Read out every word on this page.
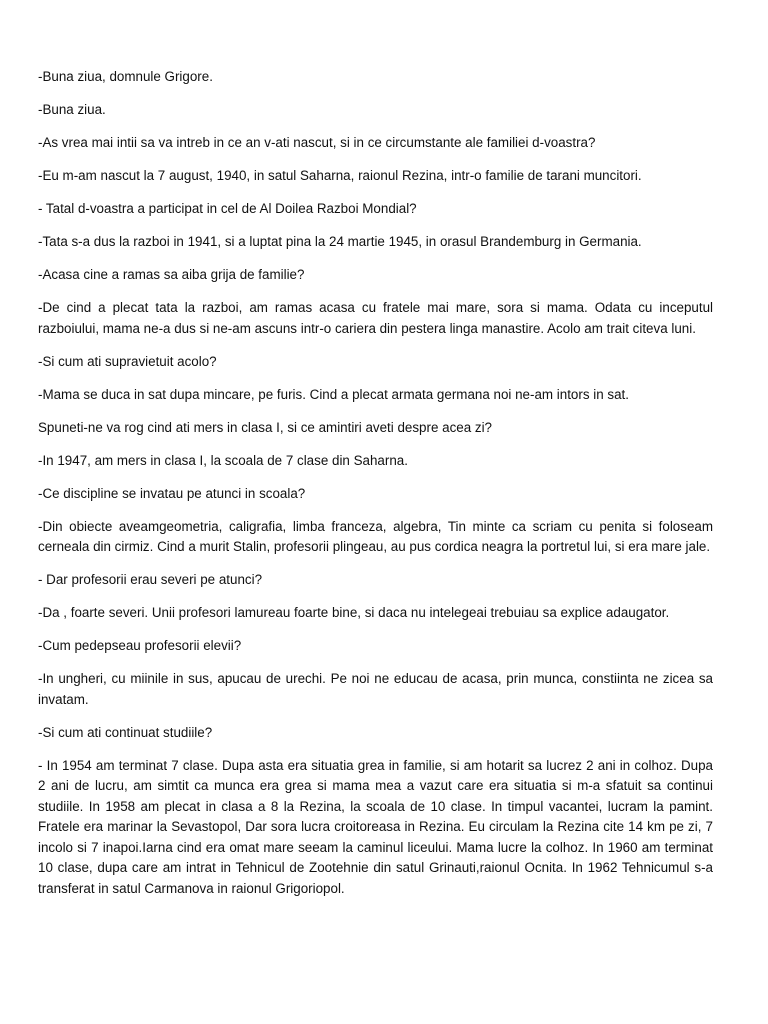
-Buna ziua, domnule Grigore.

-Buna ziua.

-As vrea mai intii sa va intreb in ce an v-ati nascut, si in ce circumstante ale familiei d-voastra?

-Eu m-am nascut la 7 august, 1940, in satul Saharna, raionul Rezina, intr-o familie de tarani muncitori.

- Tatal d-voastra a participat in cel de Al Doilea Razboi Mondial?

-Tata s-a dus la razboi in 1941, si a luptat pina la 24 martie 1945, in orasul Brandemburg in Germania.

-Acasa cine a ramas sa aiba grija de familie?

-De cind a plecat tata la razboi, am ramas acasa cu fratele mai mare, sora si mama. Odata cu inceputul razboiului, mama ne-a dus si ne-am ascuns intr-o cariera din pestera linga manastire. Acolo am trait citeva luni.

-Si cum ati supravietuit acolo?

-Mama se duca in sat dupa mincare, pe furis. Cind a plecat armata germana noi ne-am intors in sat.

Spuneti-ne va rog cind ati mers in clasa I, si ce amintiri aveti despre acea zi?

-In 1947, am mers in clasa I, la scoala de 7 clase din Saharna.

-Ce discipline se invatau pe atunci in scoala?

-Din obiecte aveamgeometria, caligrafia, limba franceza, algebra, Tin minte ca scriam cu penita si foloseam cerneala din cirmiz. Cind a murit Stalin, profesorii plingeau, au pus cordica neagra la portretul lui, si era mare jale.

- Dar profesorii erau severi pe atunci?

-Da , foarte severi. Unii profesori lamureau foarte bine, si daca nu intelegeai trebuiau sa explice adaugator.

-Cum pedepseau profesorii elevii?

-In ungheri, cu miinile in sus, apucau de urechi. Pe noi ne educau de acasa, prin munca, constiinta ne zicea sa invatam.

-Si cum ati continuat studiile?

- In 1954 am terminat 7 clase. Dupa asta era situatia grea in familie, si am hotarit sa lucrez 2 ani in colhoz. Dupa 2 ani de lucru, am simtit ca munca era grea si mama mea a vazut care era situatia si m-a sfatuit sa continui studiile. In 1958 am plecat in clasa a 8 la Rezina, la scoala de 10 clase. In timpul vacantei, lucram la pamint. Fratele era marinar la Sevastopol, Dar sora lucra croitoreasa in Rezina. Eu circulam la Rezina cite 14 km pe zi, 7 incolo si 7 inapoi.Iarna cind era omat mare seeam la caminul liceului. Mama lucre la colhoz. In 1960 am terminat 10 clase, dupa care am intrat in Tehnicul de Zootehnie din satul Grinauti,raionul Ocnita. In 1962 Tehnicumul s-a transferat in satul Carmanova in raionul Grigoriopol.
